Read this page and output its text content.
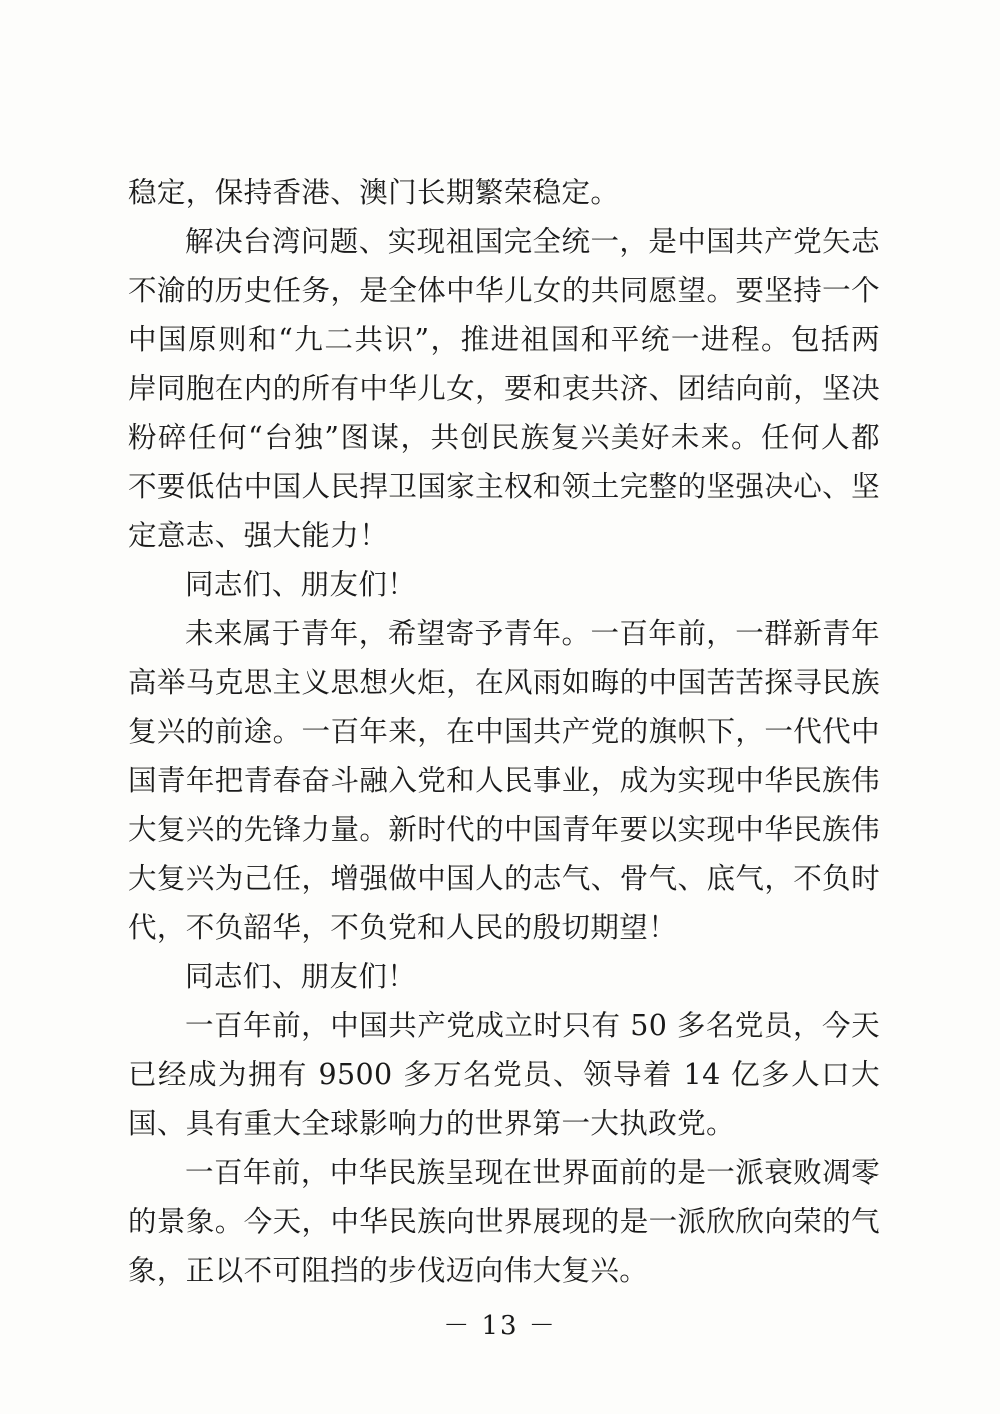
稳定，保持香港、澳门长期繁荣稳定。

解决台湾问题、实现祖国完全统一，是中国共产党矢志不渝的历史任务，是全体中华儿女的共同愿望。要坚持一个中国原则和“九二共识”，推进祖国和平统一进程。包括两岸同胞在内的所有中华儿女，要和衷共济、团结向前，坚决粉碎任何“台独”图谋，共创民族复兴美好未来。任何人都不要低估中国人民捍卫国家主权和领土完整的坚强决心、坚定意志、强大能力！

同志们、朋友们！

未来属于青年，希望寄予青年。一百年前，一群新青年高举马克思主义思想火炬，在风雨如晦的中国苦苦探寻民族复兴的前途。一百年来，在中国共产党的旗帜下，一代代中国青年把青春奋斗融入党和人民事业，成为实现中华民族伟大复兴的先锋力量。新时代的中国青年要以实现中华民族伟大复兴为己任，增强做中国人的志气、骨气、底气，不负时代，不负韶华，不负党和人民的殷切期望！

同志们、朋友们！

一百年前，中国共产党成立时只有 50 多名党员，今天已经成为拥有 9500 多万名党员、领导着 14 亿多人口大国、具有重大全球影响力的世界第一大执政党。

一百年前，中华民族呈现在世界面前的是一派衰败凋零的景象。今天，中华民族向世界展现的是一派欣欣向荣的气象，正以不可阻挡的步伐迈向伟大复兴。

－ 13 －
